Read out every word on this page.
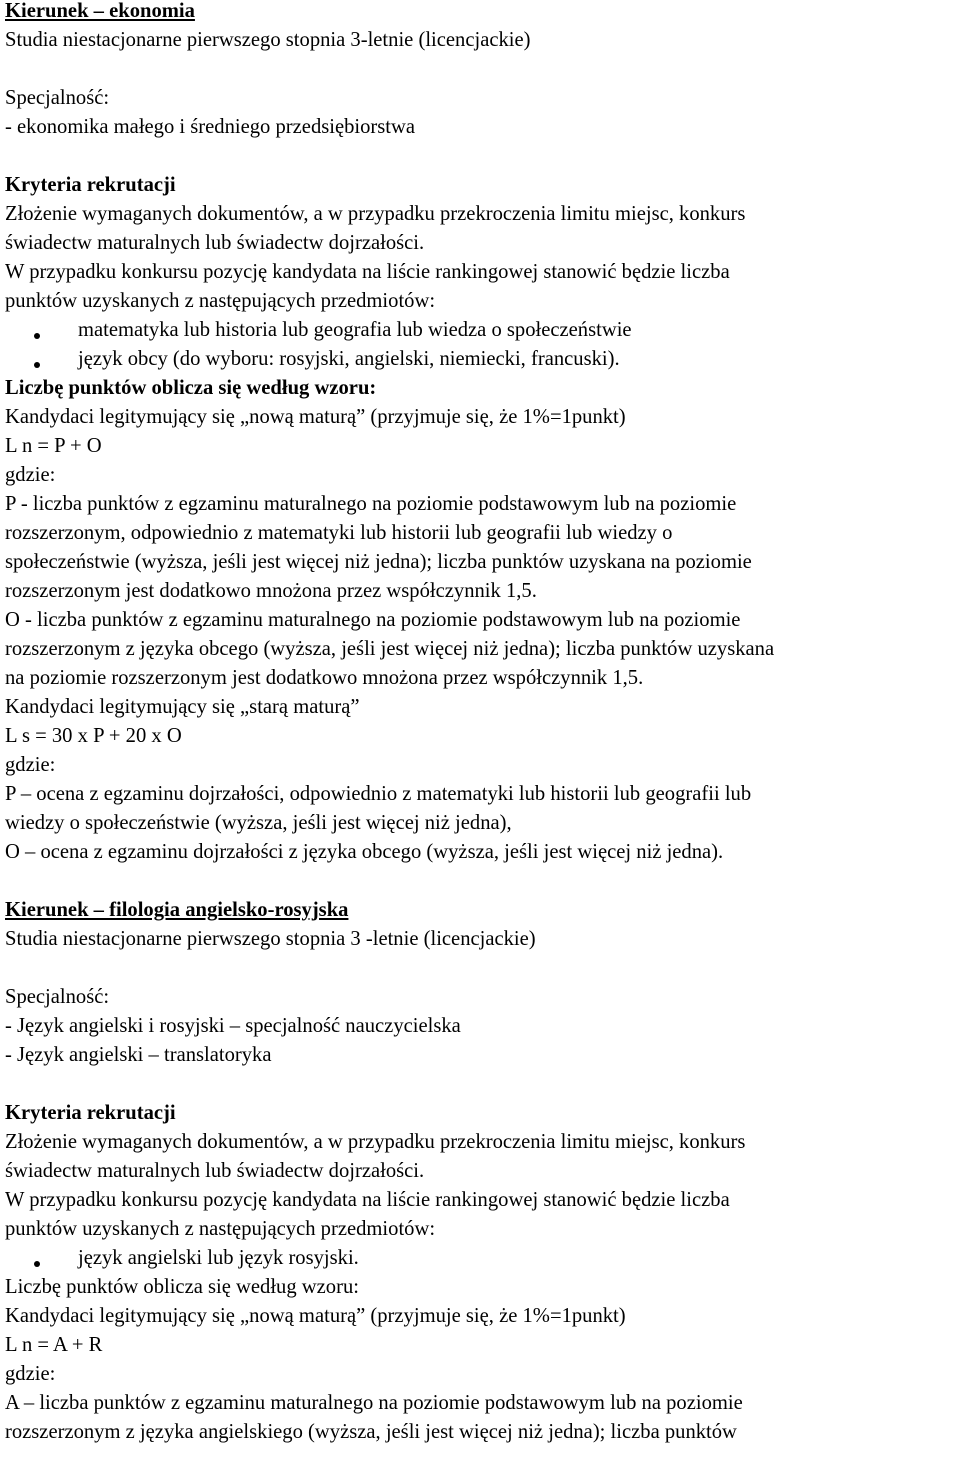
Kierunek – ekonomia
Studia niestacjonarne pierwszego stopnia 3-letnie (licencjackie)
Specjalność:
- ekonomika małego i średniego przedsiębiorstwa
Kryteria rekrutacji
Złożenie wymaganych dokumentów, a w przypadku przekroczenia limitu miejsc, konkurs
świadectw maturalnych lub świadectw dojrzałości.
W przypadku konkursu pozycję kandydata na liście rankingowej stanowić będzie liczba
punktów uzyskanych z następujących przedmiotów:
matematyka lub historia lub geografia lub wiedza o społeczeństwie
język obcy (do wyboru: rosyjski, angielski, niemiecki, francuski).
Liczbę punktów oblicza się według wzoru:
Kandydaci legitymujący się „nową maturą” (przyjmuje się, że 1%=1punkt)
L n = P + O
gdzie:
P - liczba punktów z egzaminu maturalnego na poziomie podstawowym lub na poziomie
rozszerzonym, odpowiednio z matematyki lub historii lub geografii lub wiedzy o
społeczeństwie (wyższa, jeśli jest więcej niż jedna); liczba punktów uzyskana na poziomie
rozszerzonym jest dodatkowo mnożona przez współczynnik 1,5.
O - liczba punktów z egzaminu maturalnego na poziomie podstawowym lub na poziomie
rozszerzonym z języka obcego (wyższa, jeśli jest więcej niż jedna); liczba punktów uzyskana
na poziomie rozszerzonym jest dodatkowo mnożona przez współczynnik 1,5.
Kandydaci legitymujący się „starą maturą”
L s = 30 x P + 20 x O
gdzie:
P – ocena z egzaminu dojrzałości, odpowiednio z matematyki lub historii lub geografii lub
wiedzy o społeczeństwie (wyższa, jeśli jest więcej niż jedna),
O – ocena z egzaminu dojrzałości z języka obcego (wyższa, jeśli jest więcej niż jedna).
Kierunek – filologia angielsko-rosyjska
Studia niestacjonarne pierwszego stopnia 3 -letnie (licencjackie)
Specjalność:
- Język angielski i rosyjski – specjalność nauczycielska
- Język angielski – translatoryka
Kryteria rekrutacji
Złożenie wymaganych dokumentów, a w przypadku przekroczenia limitu miejsc, konkurs
świadectw maturalnych lub świadectw dojrzałości.
W przypadku konkursu pozycję kandydata na liście rankingowej stanowić będzie liczba
punktów uzyskanych z następujących przedmiotów:
język angielski lub język rosyjski.
Liczbę punktów oblicza się według wzoru:
Kandydaci legitymujący się „nową maturą” (przyjmuje się, że 1%=1punkt)
L n = A + R
gdzie:
A – liczba punktów z egzaminu maturalnego na poziomie podstawowym lub na poziomie
rozszerzonym z języka angielskiego (wyższa, jeśli jest więcej niż jedna); liczba punktów
